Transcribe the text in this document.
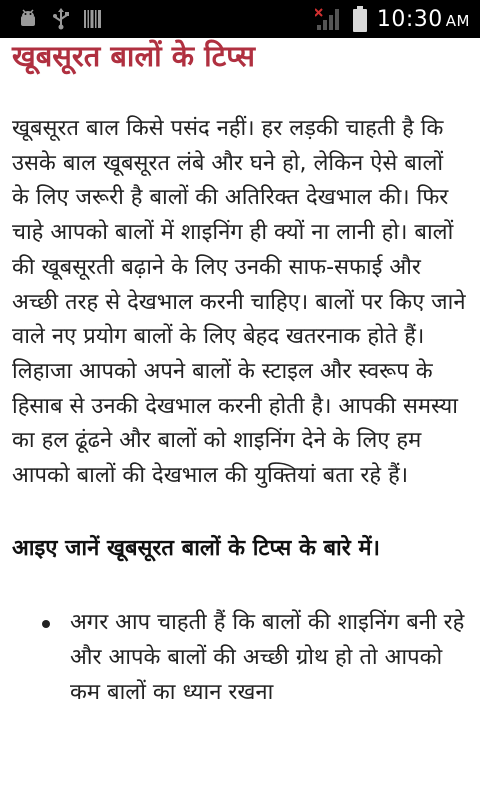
10:30 AM
खूबसूरत बालों के टिप्स

खूबसूरत बाल किसे पसंद नहीं। हर लड़की चाहती है कि उसके बाल खूबसूरत लंबे और घने हो, लेकिन ऐसे बालों के लिए जरूरी है बालों की अतिरिक्त देखभाल की। फिर चाहे आपको बालों में शाइनिंग ही क्यों ना लानी हो। बालों की खूबसूरती बढ़ाने के लिए उनकी साफ-सफाई और अच्छी तरह से देखभाल करनी चाहिए। बालों पर किए जाने वाले नए प्रयोग बालों के लिए बेहद खतरनाक होते हैं। लिहाजा आपको अपने बालों के स्टाइल और स्वरूप के हिसाब से उनकी देखभाल करनी होती है। आपकी समस्या का हल ढूंढने और बालों को शाइनिंग देने के लिए हम आपको बालों की देखभाल की युक्तियां बता रहे हैं।

आइए जानें खूबसूरत बालों के टिप्स के बारे में।

अगर आप चाहती हैं कि बालों की शाइनिंग बनी रहे और आपके बालों की अच्छी ग्रोथ हो तो आपको कम बालों का ध्यान रखना
